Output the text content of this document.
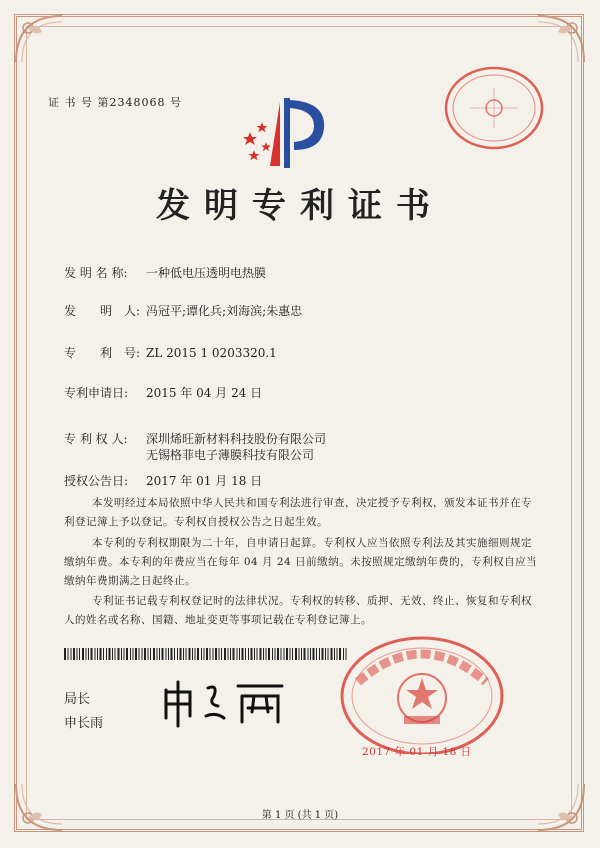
证 书 号 第2348068 号
发明专利证书
发 明 名 称: 一种低电压透明电热膜
发　　明　人: 冯冠平;谭化兵;刘海滨;朱惠忠
专　　利　号: ZL 2015 1 0203320.1
专利申请日: 2015 年 04 月 24 日
专 利 权 人: 深圳烯旺新材料科技股份有限公司
无锡格菲电子薄膜科技有限公司
授权公告日: 2017 年 01 月 18 日
本发明经过本局依照中华人民共和国专利法进行审查，决定授予专利权，颁发本证书并在专利登记簿上予以登记。专利权自授权公告之日起生效。
本专利的专利权期限为二十年，自申请日起算。专利权人应当依照专利法及其实施细则规定缴纳年费。本专利的年费应当在每年 04 月 24 日前缴纳。未按照规定缴纳年费的，专利权自应当缴纳年费期满之日起终止。
专利证书记载专利权登记时的法律状况。专利权的转移、质押、无效、终止、恢复和专利权人的姓名或名称、国籍、地址变更等事项记载在专利登记簿上。
局长
申长雨
2017 年 01 月 18 日
第 1 页 (共 1 页)
